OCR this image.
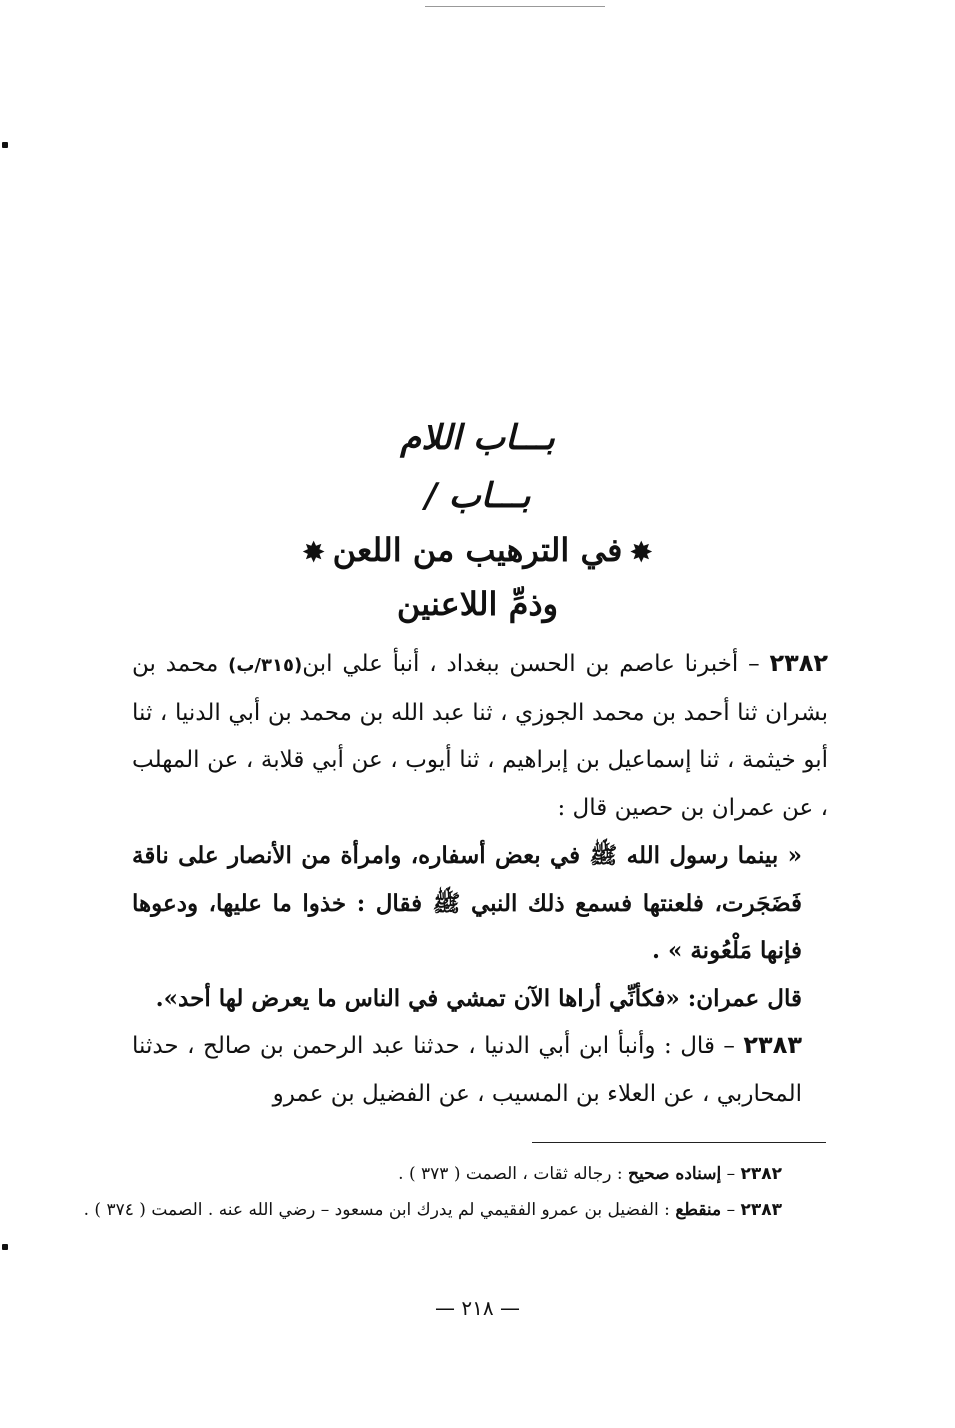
بـــاب اللام
بـــاب /
✸في الترهيب من اللعن✸
وذمِّ اللاعنين

٢٣٨٢ – أخبرنا عاصم بن الحسن ببغداد ، أنبأ علي ابن(٣١٥/ب) محمد بن بشران ثنا أحمد بن محمد الجوزي ، ثنا عبد الله بن محمد بن أبي الدنيا ، ثنا أبو خيثمة ، ثنا إسماعيل بن إبراهيم ، ثنا أيوب ، عن أبي قلابة ، عن المهلب ، عن عمران بن حصين قال :

« بينما رسول الله ﷺ في بعض أسفاره، وامرأة من الأنصار على ناقة فَضَجَرت، فلعنتها فسمع ذلك النبي ﷺ فقال : خذوا ما عليها، ودعوها فإنها مَلْعُونة » .

قال عمران: «فكأنِّي أراها الآن تمشي في الناس ما يعرض لها أحد».

٢٣٨٣ – قال : وأنبأ ابن أبي الدنيا ، حدثنا عبد الرحمن بن صالح ، حدثنا المحاربي ، عن العلاء بن المسيب ، عن الفضيل بن عمرو

٢٣٨٢ – إسناده صحيح : رجاله ثقات ، الصمت ( ٣٧٣ ) .

٢٣٨٣ – منقطع : الفضيل بن عمرو الفقيمي لم يدرك ابن مسعود – رضي الله عنه . الصمت ( ٣٧٤ ) .

— ٢١٨ —
